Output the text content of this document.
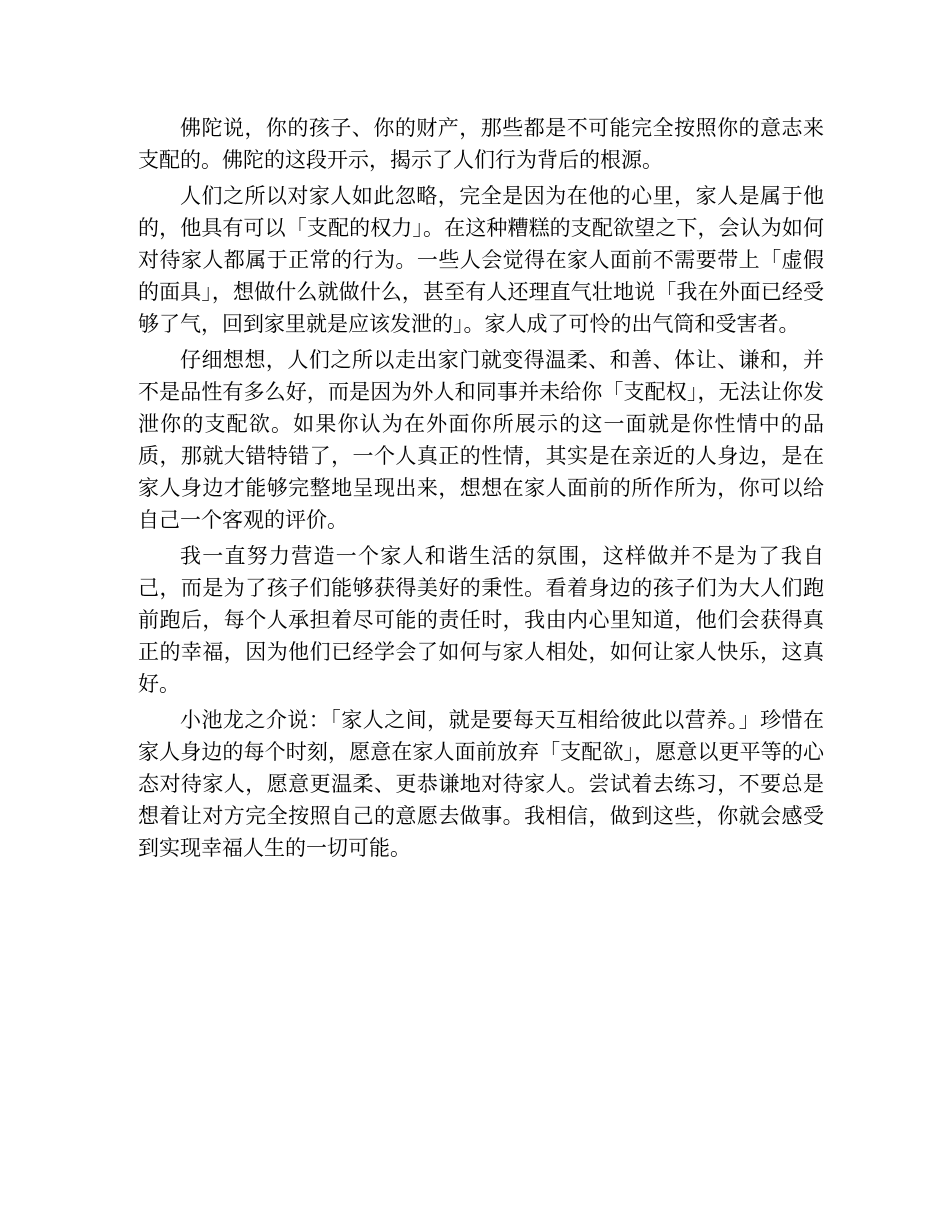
佛陀说，你的孩子、你的财产，那些都是不可能完全按照你的意志来支配的。佛陀的这段开示，揭示了人们行为背后的根源。

人们之所以对家人如此忽略，完全是因为在他的心里，家人是属于他的，他具有可以「支配的权力」。在这种糟糕的支配欲望之下，会认为如何对待家人都属于正常的行为。一些人会觉得在家人面前不需要带上「虚假的面具」，想做什么就做什么，甚至有人还理直气壮地说「我在外面已经受够了气，回到家里就是应该发泄的」。家人成了可怜的出气筒和受害者。

仔细想想，人们之所以走出家门就变得温柔、和善、体让、谦和，并不是品性有多么好，而是因为外人和同事并未给你「支配权」，无法让你发泄你的支配欲。如果你认为在外面你所展示的这一面就是你性情中的品质，那就大错特错了，一个人真正的性情，其实是在亲近的人身边，是在家人身边才能够完整地呈现出来，想想在家人面前的所作所为，你可以给自己一个客观的评价。

我一直努力营造一个家人和谐生活的氛围，这样做并不是为了我自己，而是为了孩子们能够获得美好的秉性。看着身边的孩子们为大人们跑前跑后，每个人承担着尽可能的责任时，我由内心里知道，他们会获得真正的幸福，因为他们已经学会了如何与家人相处，如何让家人快乐，这真好。

小池龙之介说：「家人之间，就是要每天互相给彼此以营养。」珍惜在家人身边的每个时刻，愿意在家人面前放弃「支配欲」，愿意以更平等的心态对待家人，愿意更温柔、更恭谦地对待家人。尝试着去练习，不要总是想着让对方完全按照自己的意愿去做事。我相信，做到这些，你就会感受到实现幸福人生的一切可能。
